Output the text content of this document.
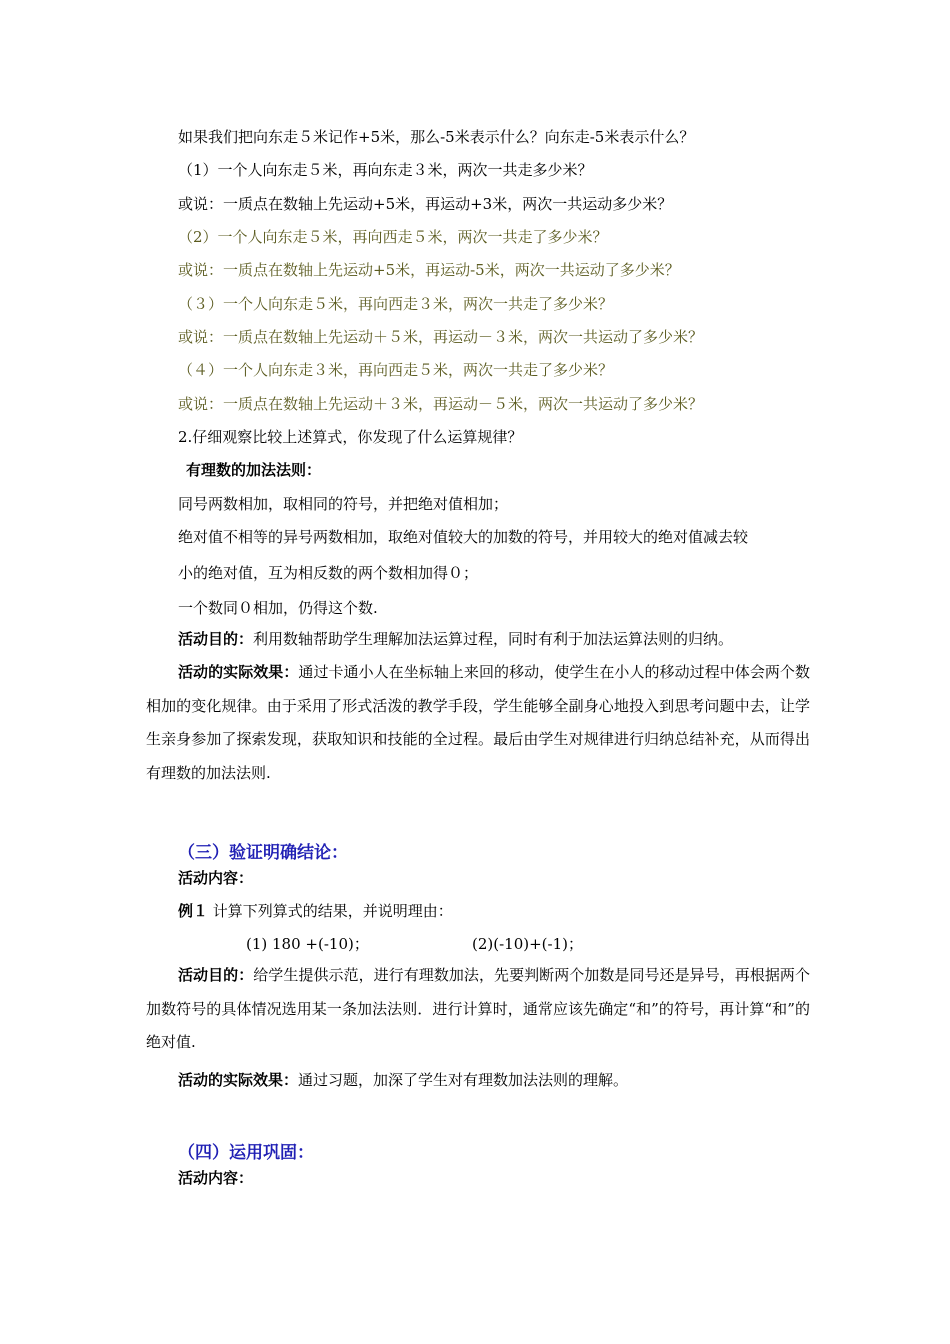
如果我们把向东走５米记作+5米，那么-5米表示什么？向东走-5米表示什么？
（1）一个人向东走５米，再向东走３米，两次一共走多少米？
或说：一质点在数轴上先运动+5米，再运动+3米，两次一共运动多少米？
（2）一个人向东走５米，再向西走５米，两次一共走了多少米？
或说：一质点在数轴上先运动+5米，再运动-5米，两次一共运动了多少米？
（３）一个人向东走５米，再向西走３米，两次一共走了多少米？
或说：一质点在数轴上先运动＋５米，再运动－３米，两次一共运动了多少米？
（４）一个人向东走３米，再向西走５米，两次一共走了多少米？
或说：一质点在数轴上先运动＋３米，再运动－５米，两次一共运动了多少米？
2.仔细观察比较上述算式，你发现了什么运算规律？
有理数的加法法则：
同号两数相加，取相同的符号，并把绝对值相加；
绝对值不相等的异号两数相加，取绝对值较大的加数的符号，并用较大的绝对值减去较
小的绝对值，互为相反数的两个数相加得０；
一个数同０相加，仍得这个数.
活动目的：利用数轴帮助学生理解加法运算过程，同时有利于加法运算法则的归纳。
活动的实际效果：通过卡通小人在坐标轴上来回的移动，使学生在小人的移动过程中体会两个数相加的变化规律。由于采用了形式活泼的教学手段，学生能够全副身心地投入到思考问题中去，让学生亲身参加了探索发现，获取知识和技能的全过程。最后由学生对规律进行归纳总结补充，从而得出有理数的加法法则.
（三）验证明确结论：
活动内容：
例１ 计算下列算式的结果，并说明理由：
(1) 180 +(-10)；	(2)(-10)+(-1)；
活动目的：给学生提供示范，进行有理数加法，先要判断两个加数是同号还是异号，再根据两个加数符号的具体情况选用某一条加法法则．进行计算时，通常应该先确定“和”的符号，再计算“和”的绝对值.
活动的实际效果：通过习题，加深了学生对有理数加法法则的理解。
（四）运用巩固：
活动内容：
